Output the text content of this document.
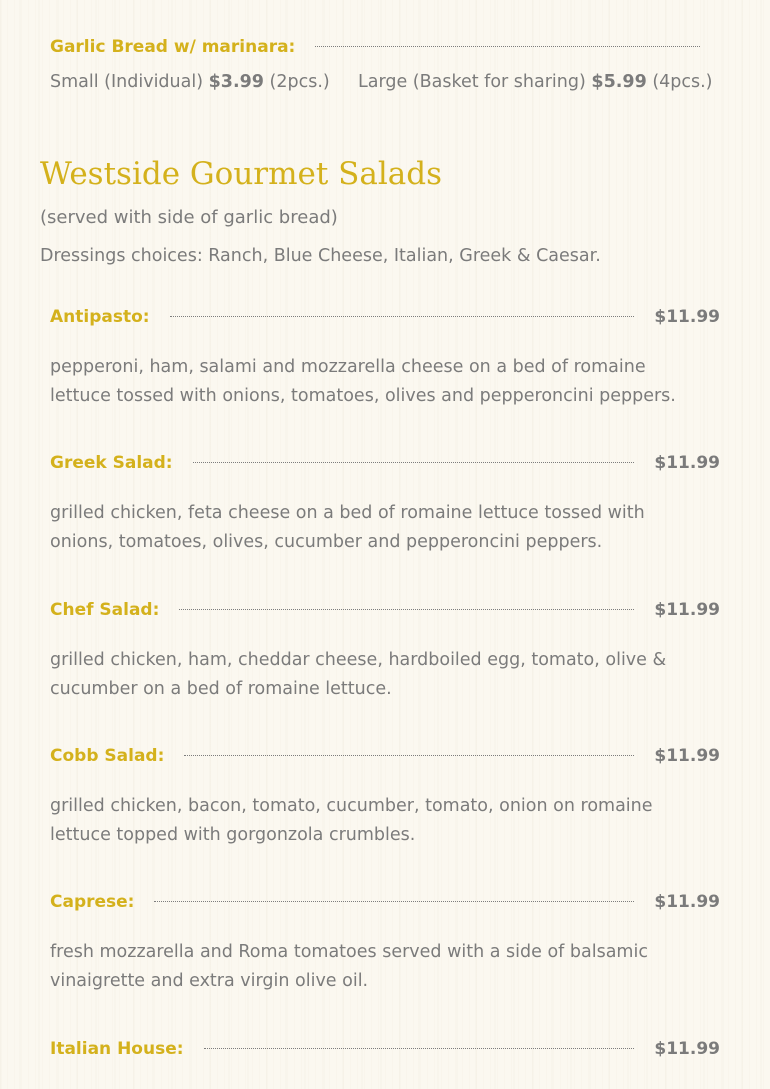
Garlic Bread w/ marinara:
Small (Individual) $3.99 (2pcs.) Large (Basket for sharing) $5.99 (4pcs.)
Westside Gourmet Salads
(served with side of garlic bread)
Dressings choices: Ranch, Blue Cheese, Italian, Greek & Caesar.
Antipasto:	$11.99
pepperoni, ham, salami and mozzarella cheese on a bed of romaine lettuce tossed with onions, tomatoes, olives and pepperoncini peppers.
Greek Salad:	$11.99
grilled chicken, feta cheese on a bed of romaine lettuce tossed with onions, tomatoes, olives, cucumber and pepperoncini peppers.
Chef Salad:	$11.99
grilled chicken, ham, cheddar cheese, hardboiled egg, tomato, olive & cucumber on a bed of romaine lettuce.
Cobb Salad:	$11.99
grilled chicken, bacon, tomato, cucumber, tomato, onion on romaine lettuce topped with gorgonzola crumbles.
Caprese:	$11.99
fresh mozzarella and Roma tomatoes served with a side of balsamic vinaigrette and extra virgin olive oil.
Italian House:	$11.99
